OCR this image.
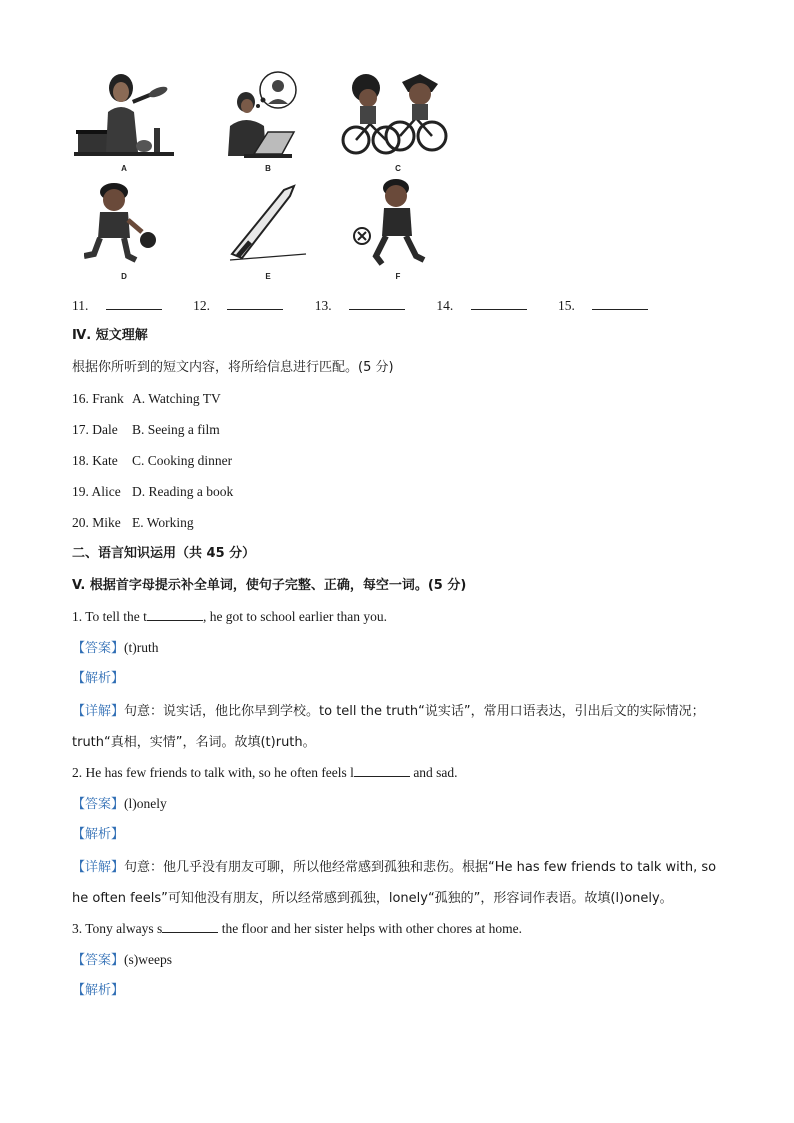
A	B	C
D	E	F
11.	12.	13.	14.	15.
Ⅳ. 短文理解
根据你所听到的短文内容，将所给信息进行匹配。(5 分)
16. Frank A. Watching TV
17. Dale B. Seeing a film
18. Kate C. Cooking dinner
19. Alice D. Reading a book
20. Mike E. Working
二、语言知识运用（共 45 分）
V. 根据首字母提示补全单词，使句子完整、正确，每空一词。(5 分)
1. To tell the t	, he got to school earlier than you.
【答案】(t)ruth
【解析】
【详解】句意：说实话，他比你早到学校。to tell the truth“说实话”，常用口语表达，引出后文的实际情况；truth“真相，实情”，名词。故填(t)ruth。
2. He has few friends to talk with, so he often feels l	and sad.
【答案】(l)onely
【解析】
【详解】句意：他几乎没有朋友可聊，所以他经常感到孤独和悲伤。根据“He has few friends to talk with, so he often feels”可知他没有朋友，所以经常感到孤独，lonely“孤独的”，形容词作表语。故填(l)onely。
3. Tony always s	the floor and her sister helps with other chores at home.
【答案】(s)weeps
【解析】
